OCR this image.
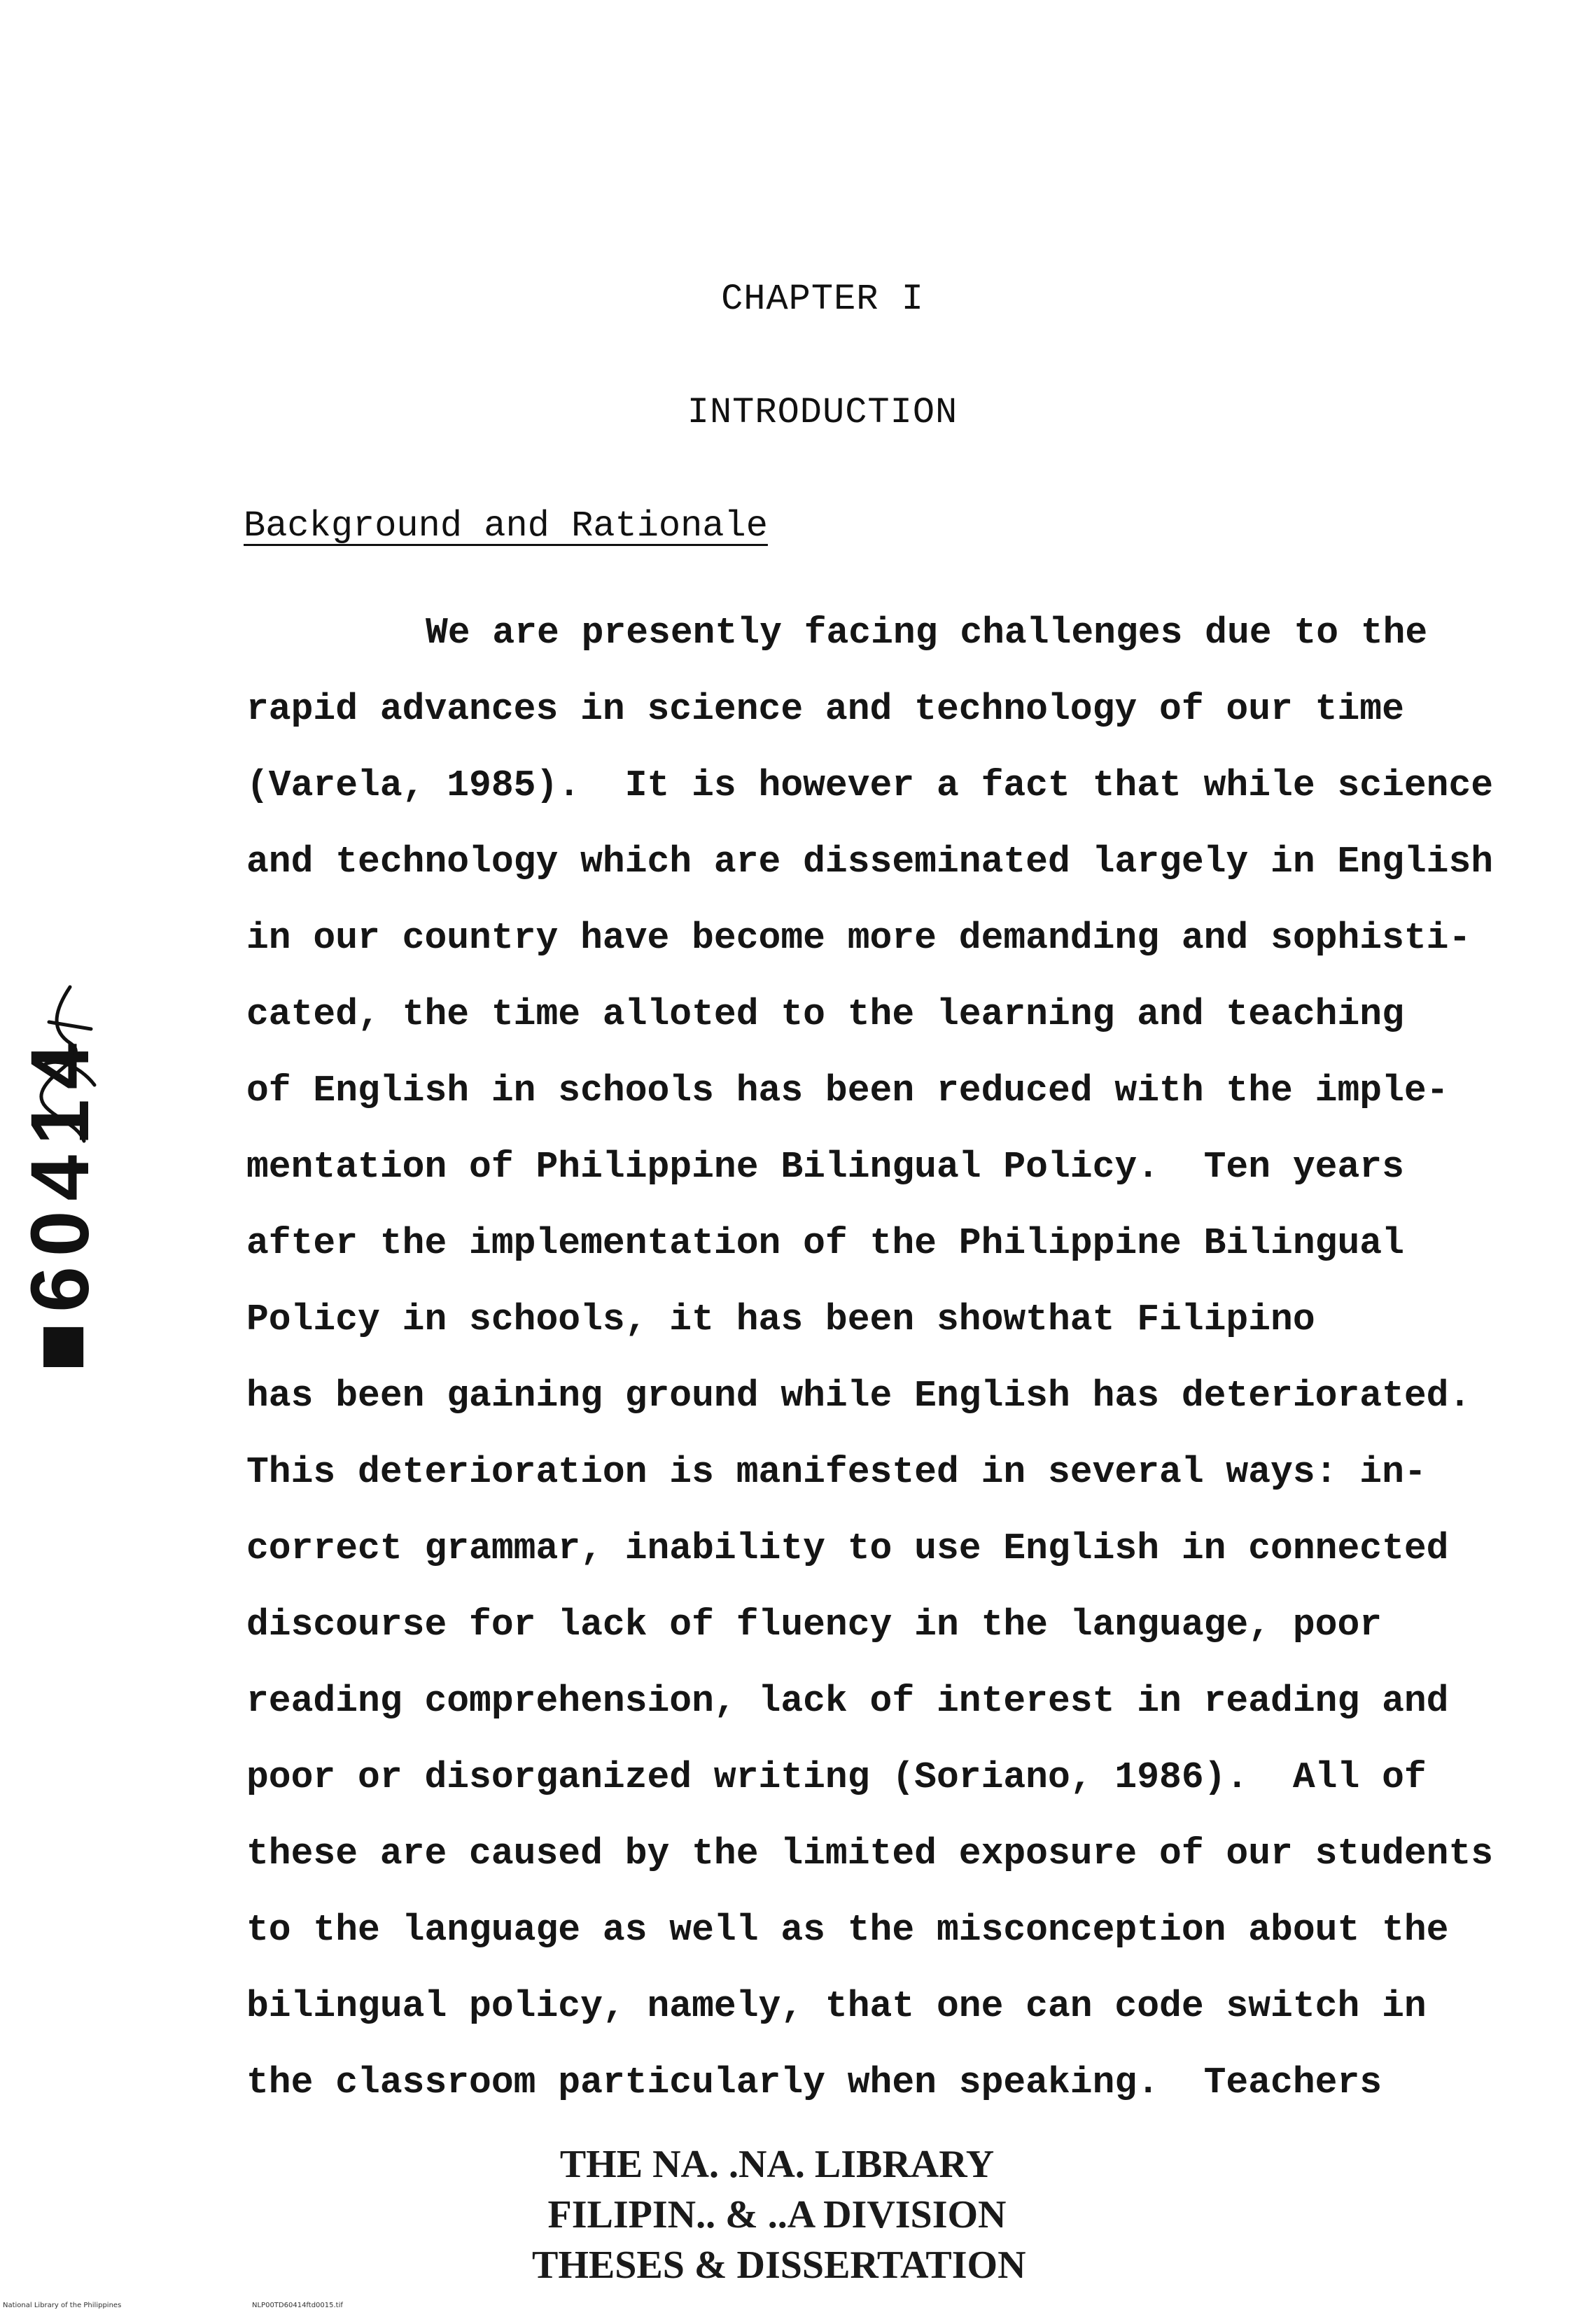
CHAPTER I
INTRODUCTION
Background and Rationale
We are presently facing challenges due to the
rapid advances in science and technology of our time
(Varela, 1985).  It is however a fact that while science
and technology which are disseminated largely in English
in our country have become more demanding and sophisti-
cated, the time alloted to the learning and teaching
of English in schools has been reduced with the imple-
mentation of Philippine Bilingual Policy.  Ten years
after the implementation of the Philippine Bilingual
Policy in schools, it has been showthat Filipino
has been gaining ground while English has deteriorated.
This deterioration is manifested in several ways: in-
correct grammar, inability to use English in connected
discourse for lack of fluency in the language, poor
reading comprehension, lack of interest in reading and
poor or disorganized writing (Soriano, 1986).  All of
these are caused by the limited exposure of our students
to the language as well as the misconception about the
bilingual policy, namely, that one can code switch in
the classroom particularly when speaking.  Teachers
■60414
THE NA. .NA. LIBRARY
FILIPIN.. & ..A DIVISION
THESES & DISSERTATION
National Library of the Philippines	NLP00TD60414ftd0015.tif
